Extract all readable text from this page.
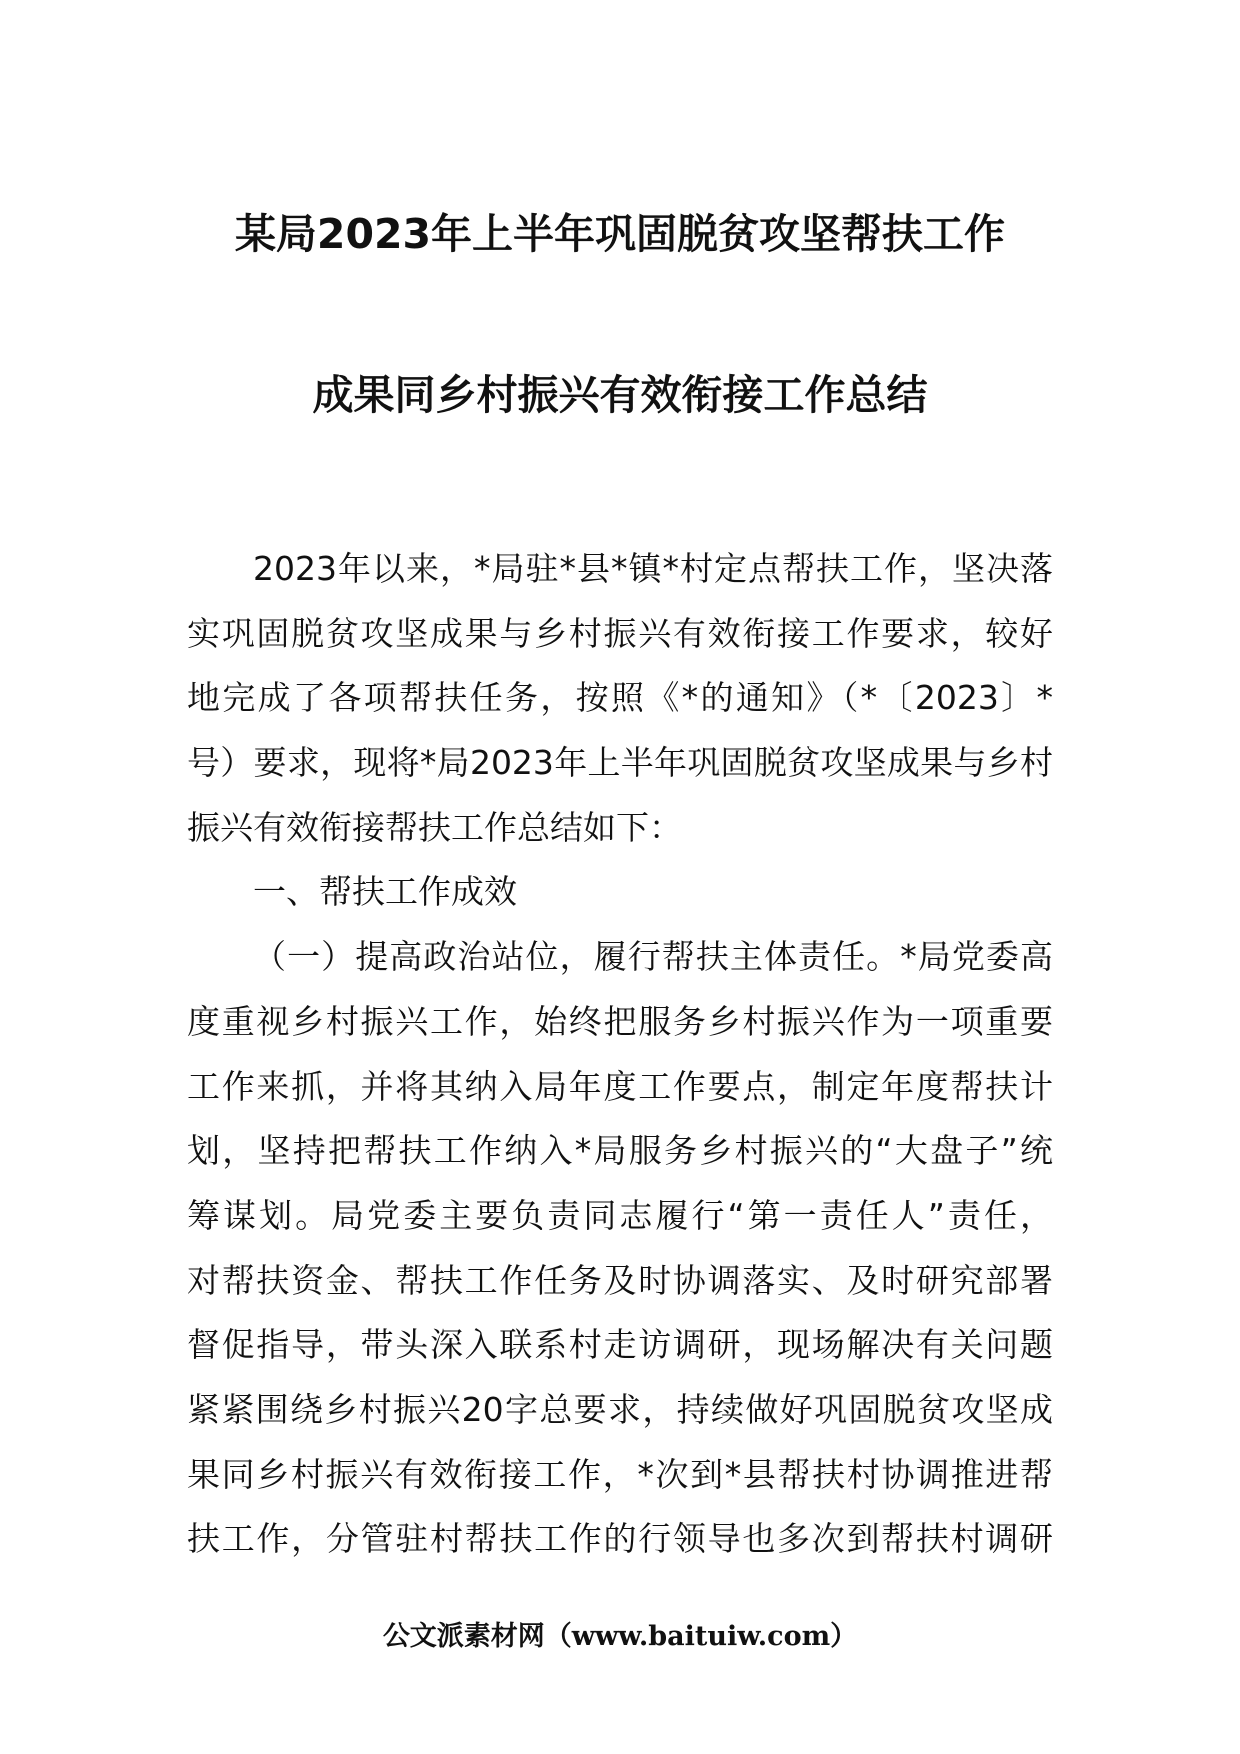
某局2023年上半年巩固脱贫攻坚帮扶工作
成果同乡村振兴有效衔接工作总结
2023年以来，*局驻*县*镇*村定点帮扶工作，坚决落
实巩固脱贫攻坚成果与乡村振兴有效衔接工作要求，较好
地完成了各项帮扶任务，按照《*的通知》（*〔2023〕*
号）要求，现将*局2023年上半年巩固脱贫攻坚成果与乡村
振兴有效衔接帮扶工作总结如下：
一、帮扶工作成效
（一）提高政治站位，履行帮扶主体责任。*局党委高
度重视乡村振兴工作，始终把服务乡村振兴作为一项重要
工作来抓，并将其纳入局年度工作要点，制定年度帮扶计
划，坚持把帮扶工作纳入*局服务乡村振兴的“大盘子”统
筹谋划。局党委主要负责同志履行“第一责任人”责任，
对帮扶资金、帮扶工作任务及时协调落实、及时研究部署
督促指导，带头深入联系村走访调研，现场解决有关问题
紧紧围绕乡村振兴20字总要求，持续做好巩固脱贫攻坚成
果同乡村振兴有效衔接工作，*次到*县帮扶村协调推进帮
扶工作，分管驻村帮扶工作的行领导也多次到帮扶村调研
公文派素材网（www.baituiw.com）
